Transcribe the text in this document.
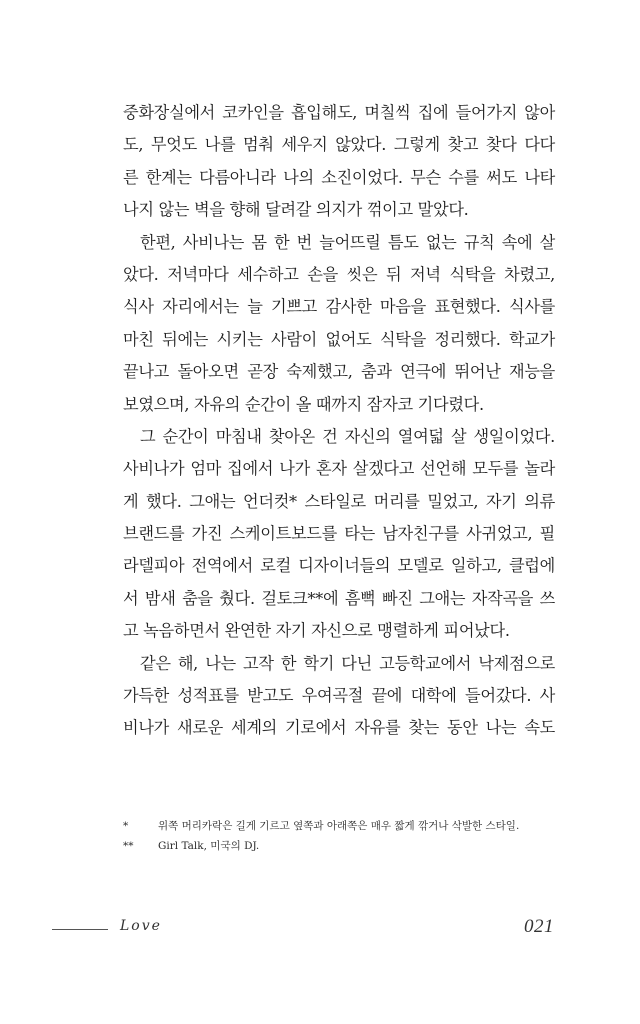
중화장실에서 코카인을 흡입해도, 며칠씩 집에 들어가지 않아
도, 무엇도 나를 멈춰 세우지 않았다. 그렇게 찾고 찾다 다다
른 한계는 다름아니라 나의 소진이었다. 무슨 수를 써도 나타
나지 않는 벽을 향해 달려갈 의지가 꺾이고 말았다.
한편, 사비나는 몸 한 번 늘어뜨릴 틈도 없는 규칙 속에 살
았다. 저녁마다 세수하고 손을 씻은 뒤 저녁 식탁을 차렸고,
식사 자리에서는 늘 기쁘고 감사한 마음을 표현했다. 식사를
마친 뒤에는 시키는 사람이 없어도 식탁을 정리했다. 학교가
끝나고 돌아오면 곧장 숙제했고, 춤과 연극에 뛰어난 재능을
보였으며, 자유의 순간이 올 때까지 잠자코 기다렸다.
그 순간이 마침내 찾아온 건 자신의 열여덟 살 생일이었다.
사비나가 엄마 집에서 나가 혼자 살겠다고 선언해 모두를 놀라
게 했다. 그애는 언더컷* 스타일로 머리를 밀었고, 자기 의류
브랜드를 가진 스케이트보드를 타는 남자친구를 사귀었고, 필
라델피아 전역에서 로컬 디자이너들의 모델로 일하고, 클럽에
서 밤새 춤을 췄다. 걸토크**에 흠뻑 빠진 그애는 자작곡을 쓰
고 녹음하면서 완연한 자기 자신으로 맹렬하게 피어났다.
같은 해, 나는 고작 한 학기 다닌 고등학교에서 낙제점으로
가득한 성적표를 받고도 우여곡절 끝에 대학에 들어갔다. 사
비나가 새로운 세계의 기로에서 자유를 찾는 동안 나는 속도
*	위쪽 머리카락은 길게 기르고 옆쪽과 아래쪽은 매우 짧게 깎거나 삭발한 스타일.
**	Girl Talk, 미국의 DJ.
Love	021
